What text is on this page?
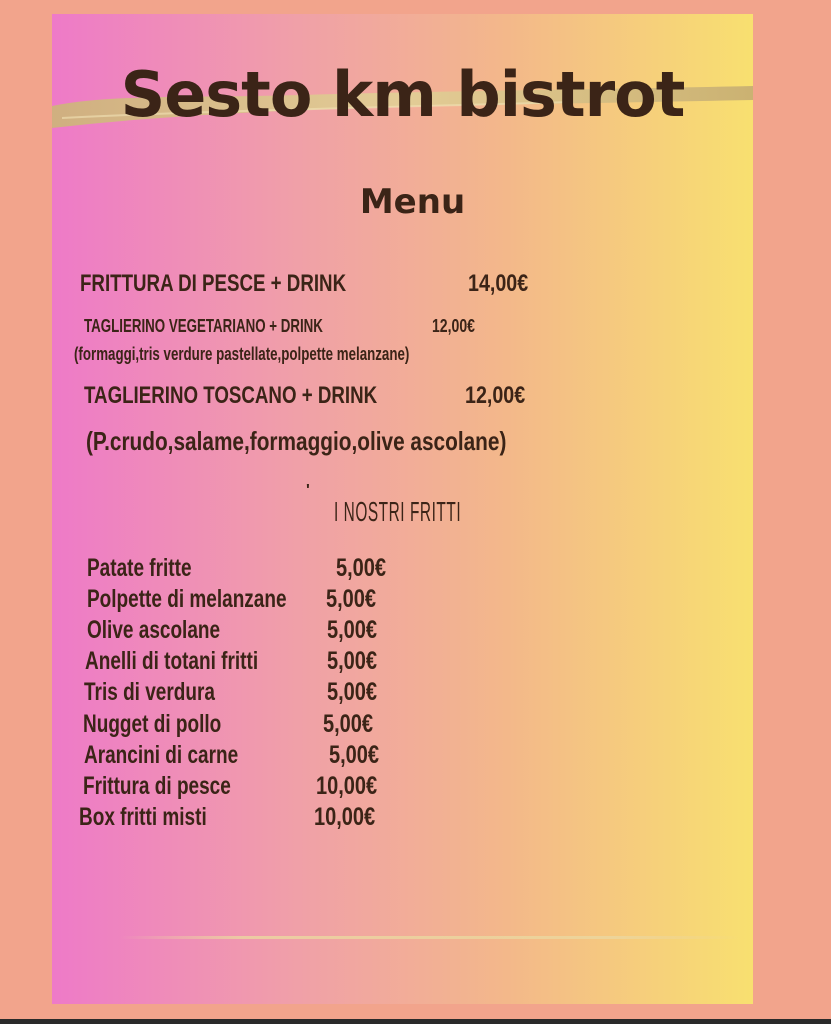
Sesto km bistrot
Menu
FRITTURA DI PESCE + DRINK	14,00€
TAGLIERINO VEGETARIANO + DRINK	12,00€
(formaggi,tris verdure pastellate,polpette melanzane)
TAGLIERINO TOSCANO + DRINK	12,00€
(P.crudo,salame,formaggio,olive ascolane)
'
I NOSTRI FRITTI
Patate fritte	5,00€
Polpette di melanzane 5,00€
Olive ascolane	5,00€
Anelli di totani fritti	5,00€
Tris di verdura	5,00€
Nugget di pollo	5,00€
Arancini di carne	5,00€
Frittura di pesce	10,00€
Box fritti misti	10,00€
